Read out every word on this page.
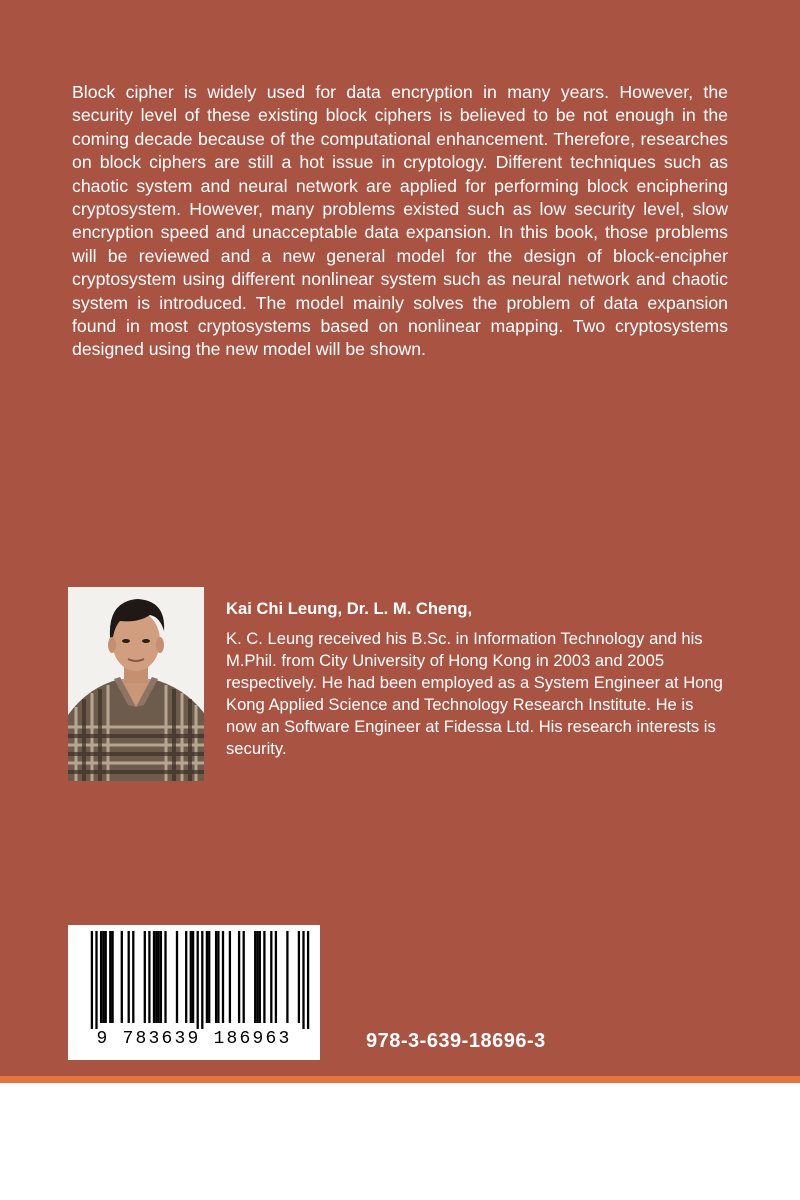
Block cipher is widely used for data encryption in many years. However, the security level of these existing block ciphers is believed to be not enough in the coming decade because of the computational enhancement. Therefore, researches on block ciphers are still a hot issue in cryptology. Different techniques such as chaotic system and neural network are applied for performing block enciphering cryptosystem. However, many problems existed such as low security level, slow encryption speed and unacceptable data expansion. In this book, those problems will be reviewed and a new general model for the design of block-encipher cryptosystem using different nonlinear system such as neural network and chaotic system is introduced. The model mainly solves the problem of data expansion found in most cryptosystems based on nonlinear mapping. Two cryptosystems designed using the new model will be shown.

Kai Chi Leung, Dr. L. M. Cheng,

K. C. Leung received his B.Sc. in Information Technology and his M.Phil. from City University of Hong Kong in 2003 and 2005 respectively. He had been employed as a System Engineer at Hong Kong Applied Science and Technology Research Institute. He is now an Software Engineer at Fidessa Ltd. His research interests is security.

9 783639 186963	978-3-639-18696-3
